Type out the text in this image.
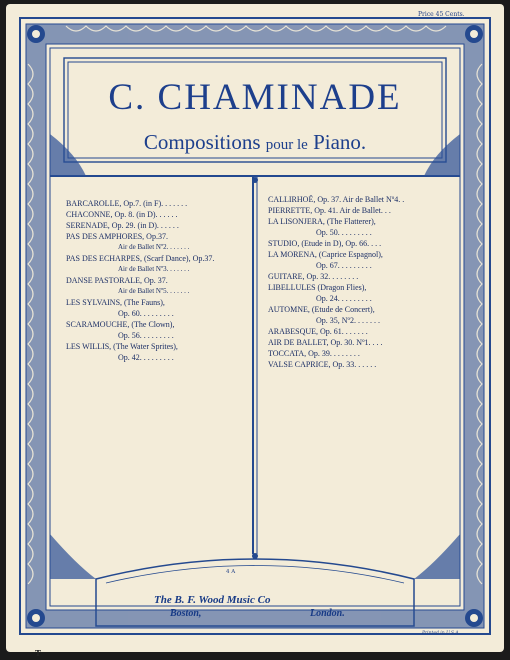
Price 45 Cents.
C. CHAMINADE
Compositions pour le Piano.
BARCAROLLE, Op.7. (in F). . . . . . .
CHACONNE, Op. 8. (in D). . . . . .
SERENADE, Op. 29. (in D). . . . . .
PAS DES AMPHORES, Op.37.
Air de Ballet Nº2. . . . . . .
PAS DES ECHARPES, (Scarf Dance), Op.37.
Air de Ballet Nº3. . . . . . .
DANSE PASTORALE, Op. 37.
Air de Ballet Nº5. . . . . . .
LES SYLVAINS, (The Fauns),
Op. 60. . . . . . . . .
SCARAMOUCHE, (The Clown),
Op. 56. . . . . . . . .
LES WILLIS, (The Water Sprites),
Op. 42. . . . . . . . .
CALLIRHOË, Op. 37. Air de Ballet Nº4. .
PIERRETTE, Op. 41. Air de Ballet. . .
LA LISONJERA, (The Flatterer),
Op. 50. . . . . . . . .
STUDIO, (Etude in D), Op. 66. . . .
LA MORENA, (Caprice Espagnol),
Op. 67. . . . . . . . .
GUITARE, Op. 32. . . . . . . .
LIBELLULES (Dragon Flies),
Op. 24. . . . . . . . .
AUTOMNE, (Etude de Concert),
Op. 35, Nº2. . . . . . .
ARABESQUE, Op. 61. . . . . . .
AIR DE BALLET, Op. 30. Nº1. . . .
TOCCATA, Op. 39. . . . . . . .
VALSE CAPRICE, Op. 33. . . . . .
4 A
The B. F. Wood Music Co
Boston,	London.
Printed in U.S.A.
T
